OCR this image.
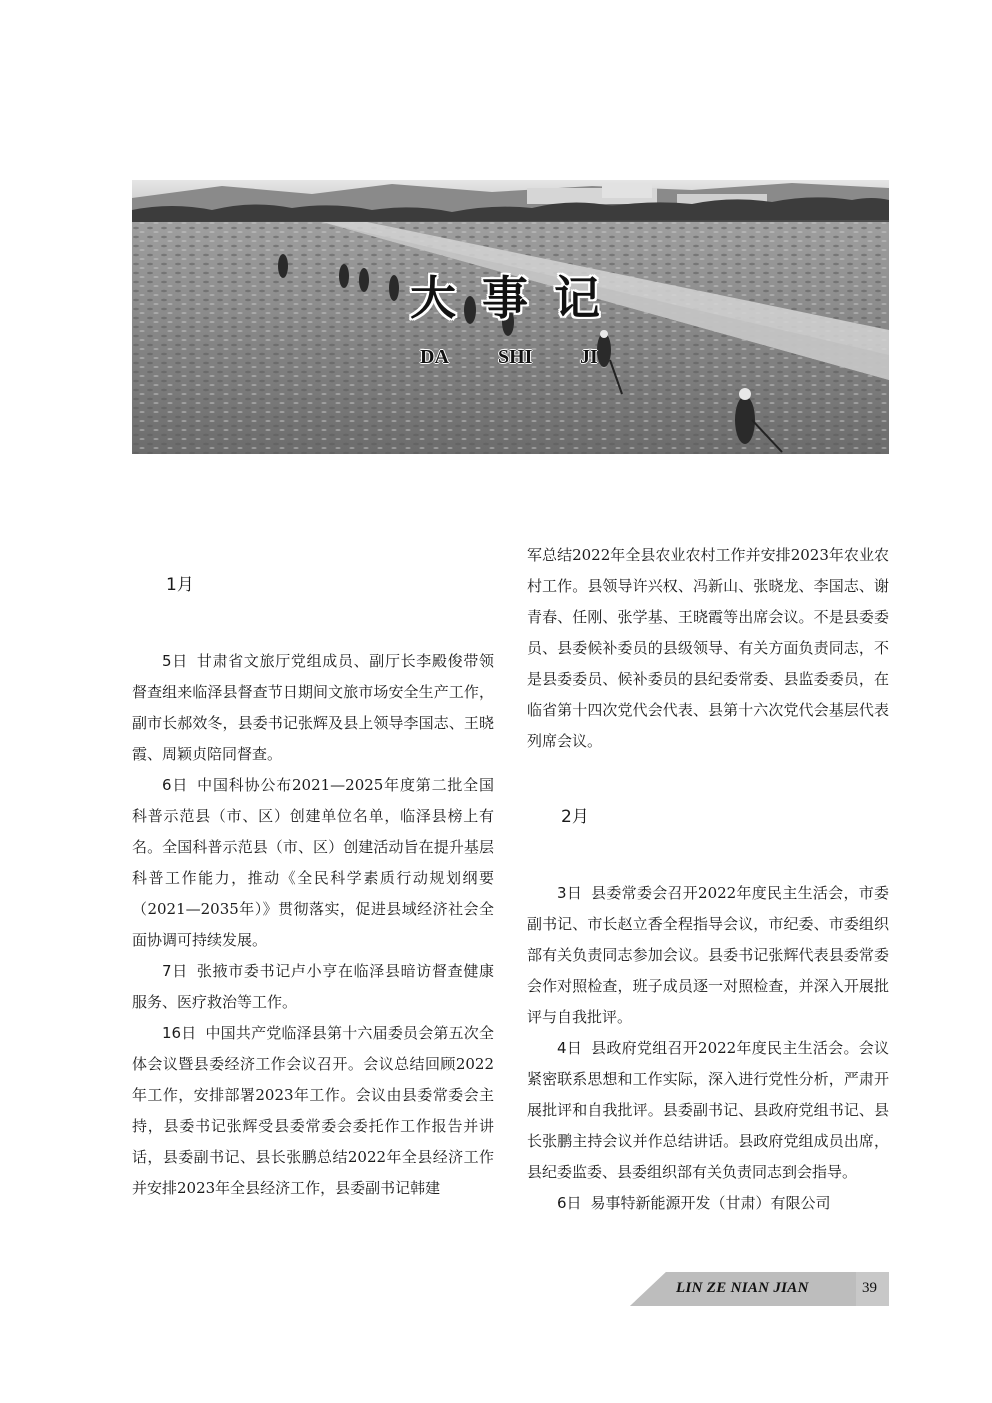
大事记
DA SHI JI

1月

5日 甘肃省文旅厅党组成员、副厅长李殿俊带领督查组来临泽县督查节日期间文旅市场安全生产工作，副市长郝效冬，县委书记张辉及县上领导李国志、王晓霞、周颖贞陪同督查。

6日 中国科协公布2021—2025年度第二批全国科普示范县（市、区）创建单位名单，临泽县榜上有名。全国科普示范县（市、区）创建活动旨在提升基层科普工作能力，推动《全民科学素质行动规划纲要（2021—2035年）》贯彻落实，促进县域经济社会全面协调可持续发展。

7日 张掖市委书记卢小亨在临泽县暗访督查健康服务、医疗救治等工作。

16日 中国共产党临泽县第十六届委员会第五次全体会议暨县委经济工作会议召开。会议总结回顾2022年工作，安排部署2023年工作。会议由县委常委会主持，县委书记张辉受县委常委会委托作工作报告并讲话，县委副书记、县长张鹏总结2022年全县经济工作并安排2023年全县经济工作，县委副书记韩建

军总结2022年全县农业农村工作并安排2023年农业农村工作。县领导许兴权、冯新山、张晓龙、李国志、谢青春、任刚、张学基、王晓霞等出席会议。不是县委委员、县委候补委员的县级领导、有关方面负责同志，不是县委委员、候补委员的县纪委常委、县监委委员，在临省第十四次党代会代表、县第十六次党代会基层代表列席会议。

2月

3日 县委常委会召开2022年度民主生活会，市委副书记、市长赵立香全程指导会议，市纪委、市委组织部有关负责同志参加会议。县委书记张辉代表县委常委会作对照检查，班子成员逐一对照检查，并深入开展批评与自我批评。

4日 县政府党组召开2022年度民主生活会。会议紧密联系思想和工作实际，深入进行党性分析，严肃开展批评和自我批评。县委副书记、县政府党组书记、县长张鹏主持会议并作总结讲话。县政府党组成员出席，县纪委监委、县委组织部有关负责同志到会指导。

6日 易事特新能源开发（甘肃）有限公司

LIN ZE NIAN JIAN	39
